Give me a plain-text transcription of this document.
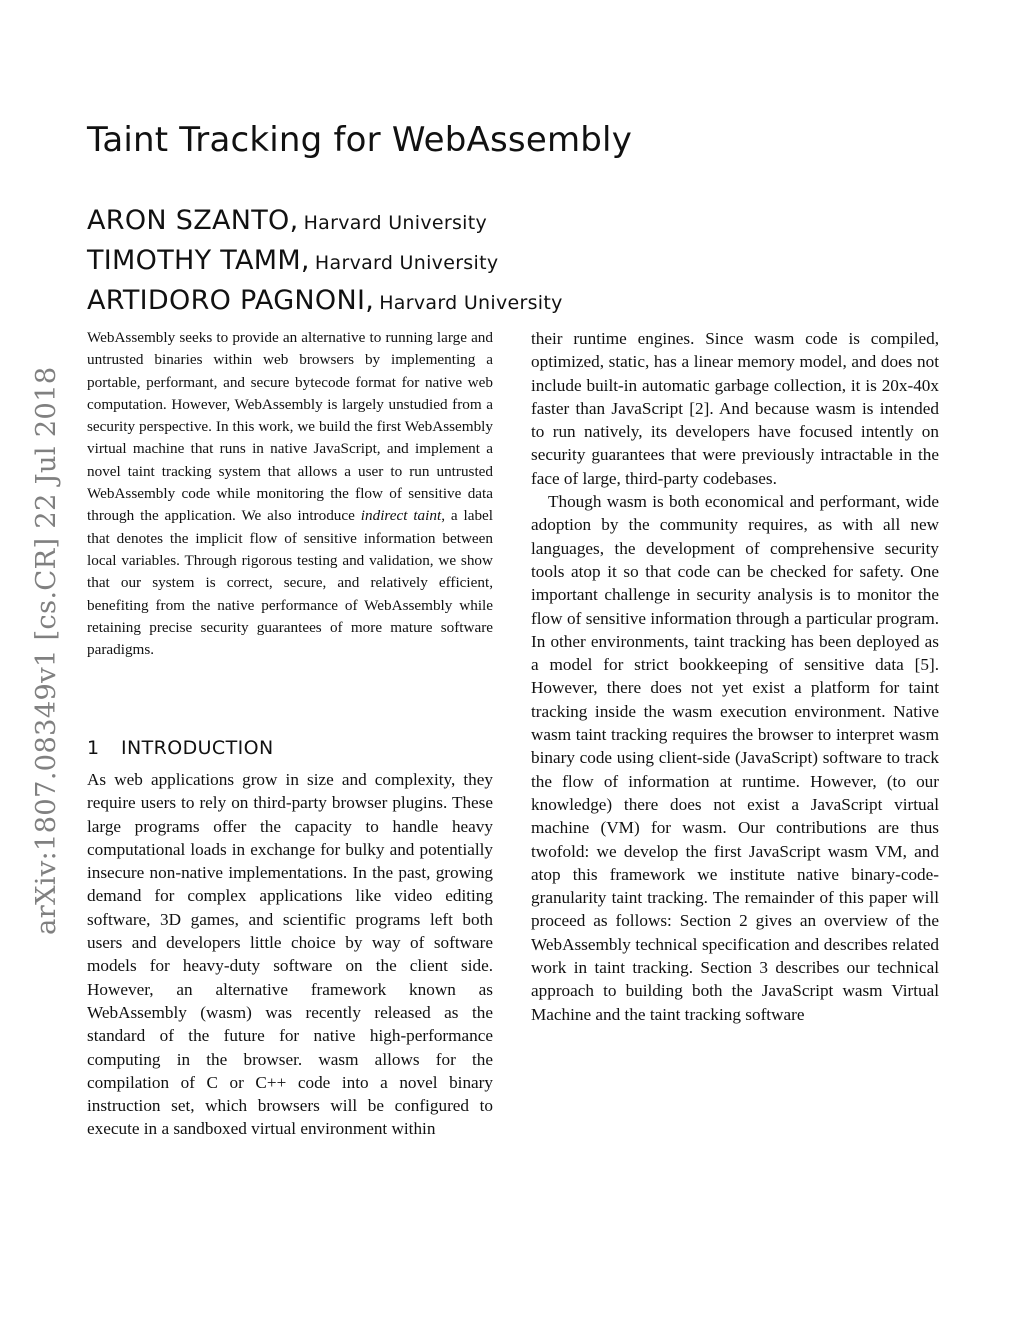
arXiv:1807.08349v1 [cs.CR] 22 Jul 2018
Taint Tracking for WebAssembly
ARON SZANTO, Harvard University
TIMOTHY TAMM, Harvard University
ARTIDORO PAGNONI, Harvard University

WebAssembly seeks to provide an alternative to running large and untrusted binaries within web browsers by implementing a portable, performant, and secure bytecode format for native web computation. However, WebAssembly is largely unstudied from a security perspective. In this work, we build the first WebAssembly virtual machine that runs in native JavaScript, and implement a novel taint tracking system that allows a user to run untrusted WebAssembly code while monitoring the flow of sensitive data through the application. We also introduce indirect taint, a label that denotes the implicit flow of sensitive information between local variables. Through rigorous testing and validation, we show that our system is correct, secure, and relatively efficient, benefiting from the native performance of WebAssembly while retaining precise security guarantees of more mature software paradigms.

1 INTRODUCTION

As web applications grow in size and complexity, they require users to rely on third-party browser plugins. These large programs offer the capacity to handle heavy computational loads in exchange for bulky and potentially insecure non-native implementations. In the past, growing demand for complex applications like video editing software, 3D games, and scientific programs left both users and developers little choice by way of software models for heavy-duty software on the client side. However, an alternative framework known as WebAssembly (wasm) was recently released as the standard of the future for native high-performance computing in the browser. wasm allows for the compilation of C or C++ code into a novel binary instruction set, which browsers will be configured to execute in a sandboxed virtual environment within

their runtime engines. Since wasm code is compiled, optimized, static, has a linear memory model, and does not include built-in automatic garbage collection, it is 20x-40x faster than JavaScript [2]. And because wasm is intended to run natively, its developers have focused intently on security guarantees that were previously intractable in the face of large, third-party codebases.

Though wasm is both economical and performant, wide adoption by the community requires, as with all new languages, the development of comprehensive security tools atop it so that code can be checked for safety. One important challenge in security analysis is to monitor the flow of sensitive information through a particular program. In other environments, taint tracking has been deployed as a model for strict bookkeeping of sensitive data [5]. However, there does not yet exist a platform for taint tracking inside the wasm execution environment. Native wasm taint tracking requires the browser to interpret wasm binary code using client-side (JavaScript) software to track the flow of information at runtime. However, (to our knowledge) there does not exist a JavaScript virtual machine (VM) for wasm. Our contributions are thus twofold: we develop the first JavaScript wasm VM, and atop this framework we institute native binary-code-granularity taint tracking. The remainder of this paper will proceed as follows: Section 2 gives an overview of the WebAssembly technical specification and describes related work in taint tracking. Section 3 describes our technical approach to building both the JavaScript wasm Virtual Machine and the taint tracking software
